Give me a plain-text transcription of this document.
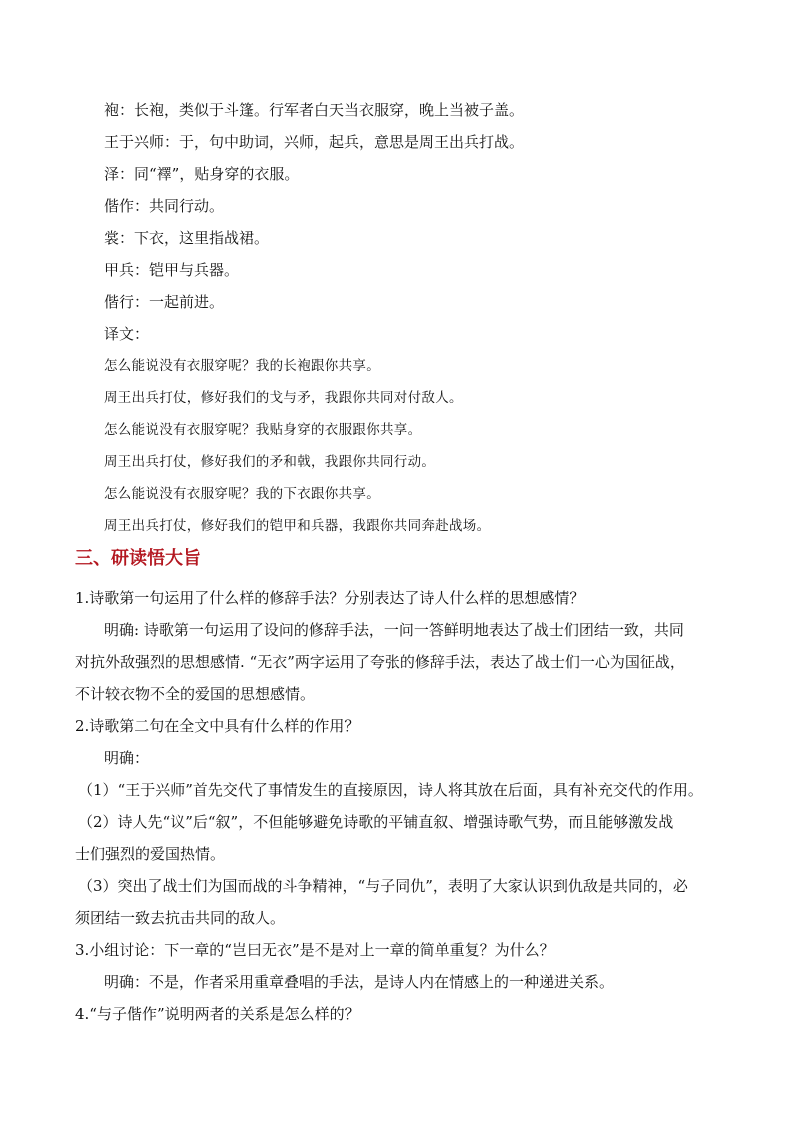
袍：长袍，类似于斗篷。行军者白天当衣服穿，晚上当被子盖。
王于兴师：于，句中助词，兴师，起兵，意思是周王出兵打战。
泽：同“襗”，贴身穿的衣服。
偕作：共同行动。
裳：下衣，这里指战裙。
甲兵：铠甲与兵器。
偕行：一起前进。
译文：
怎么能说没有衣服穿呢？我的长袍跟你共享。
周王出兵打仗，修好我们的戈与矛，我跟你共同对付敌人。
怎么能说没有衣服穿呢？我贴身穿的衣服跟你共享。
周王出兵打仗，修好我们的矛和戟，我跟你共同行动。
怎么能说没有衣服穿呢？我的下衣跟你共享。
周王出兵打仗，修好我们的铠甲和兵器，我跟你共同奔赴战场。
三、研读悟大旨
1.诗歌第一句运用了什么样的修辞手法？分别表达了诗人什么样的思想感情？
明确: 诗歌第一句运用了设问的修辞手法，一问一答鲜明地表达了战士们团结一致，共同
对抗外敌强烈的思想感情. “无衣”两字运用了夸张的修辞手法，表达了战士们一心为国征战，
不计较衣物不全的爱国的思想感情。
2.诗歌第二句在全文中具有什么样的作用？
明确：
（1）“王于兴师”首先交代了事情发生的直接原因，诗人将其放在后面，具有补充交代的作用。
（2）诗人先“议”后“叙”，不但能够避免诗歌的平铺直叙、增强诗歌气势，而且能够激发战
士们强烈的爱国热情。
（3）突出了战士们为国而战的斗争精神，“与子同仇”，表明了大家认识到仇敌是共同的，必
须团结一致去抗击共同的敌人。
3.小组讨论：下一章的“岂曰无衣”是不是对上一章的简单重复？为什么？
明确：不是，作者采用重章叠唱的手法，是诗人内在情感上的一种递进关系。
4.“与子偕作”说明两者的关系是怎么样的？
